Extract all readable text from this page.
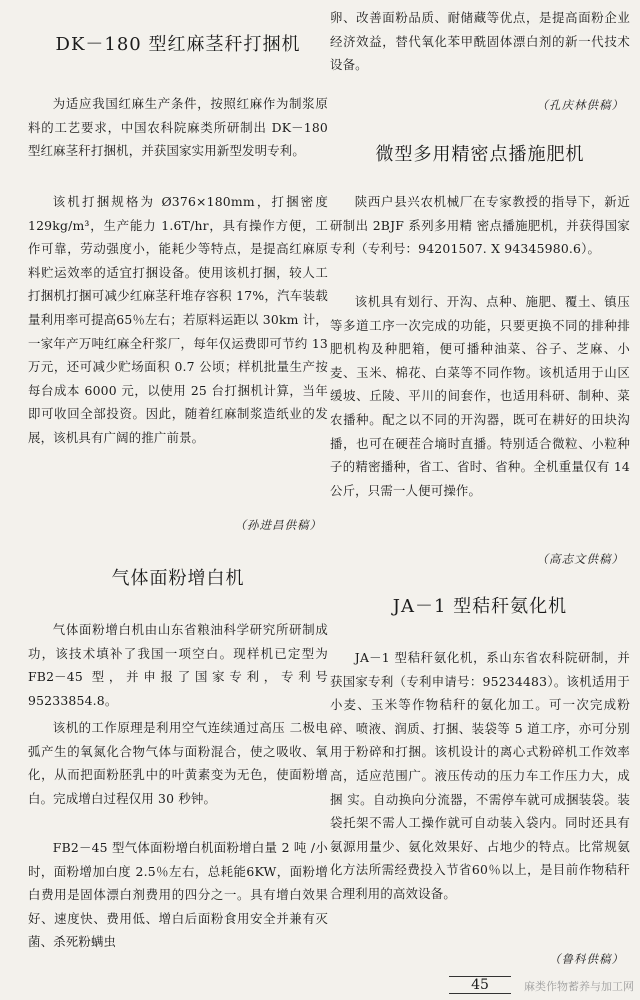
DK－180 型红麻茎秆打捆机

为适应我国红麻生产条件，按照红麻作为制浆原料的工艺要求，中国农科院麻类所研制出 DK－180 型红麻茎秆打捆机，并获国家实用新型发明专利。

该机打捆规格为 Ø376×180mm，打捆密度 129kg/m³，生产能力 1.6T/hr，具有操作方便，工作可靠，劳动强度小，能耗少等特点，是提高红麻原料贮运效率的适宜打捆设备。使用该机打捆，较人工打捆机打捆可减少红麻茎秆堆存容积 17%，汽车装载量利用率可提高65％左右；若原料运距以 30km 计，一家年产万吨红麻全秆浆厂，每年仅运费即可节约 13 万元，还可减少贮场面积 0.7 公顷；样机批量生产按每台成本 6000 元，以使用 25 台打捆机计算，当年即可收回全部投资。因此，随着红麻制浆造纸业的发展，该机具有广阔的推广前景。

（孙进昌供稿）
气体面粉增白机

气体面粉增白机由山东省粮油科学研究所研制成功，该技术填补了我国一项空白。现样机已定型为 FB2－45 型，并申报了国家专利，专利号 95233854.8。

该机的工作原理是利用空气连续通过高压 二极电弧产生的氧氮化合物气体与面粉混合，使之吸收、氧化，从而把面粉胚乳中的叶黄素变为无色，使面粉增白。完成增白过程仅用 30 秒钟。

FB2－45 型气体面粉增白机面粉增白量 2 吨 /小时，面粉增加白度 2.5％左右，总耗能6KW，面粉增白费用是固体漂白剂费用的四分之一。具有增白效果好、速度快、费用低、增白后面粉食用安全并兼有灭菌、杀死粉螨虫

卵、改善面粉品质、耐储藏等优点，是提高面粉企业经济效益，替代氧化苯甲酰固体漂白剂的新一代技术设备。

（孔庆林供稿）
微型多用精密点播施肥机

陕西户县兴农机械厂在专家教授的指导下，新近研制出 2BJF 系列多用精 密点播施肥机，并获得国家专利（专利号：94201507. X 94345980.6）。

该机具有划行、开沟、点种、施肥、覆土、镇压等多道工序一次完成的功能，只要更换不同的排种排肥机构及种肥箱，便可播种油菜、谷子、芝麻、小麦、玉米、棉花、白菜等不同作物。该机适用于山区缓坡、丘陵、平川的间套作，也适用科研、制种、菜农播种。配之以不同的开沟器，既可在耕好的田块沟播，也可在硬茬合墒时直播。特别适合微粒、小粒种子的精密播种，省工、省时、省种。全机重量仅有 14 公斤，只需一人便可操作。

（高志文供稿）
JA－1 型秸秆氨化机

JA－1 型秸秆氨化机，系山东省农科院研制，并获国家专利（专利申请号：95234483）。该机适用于小麦、玉米等作物秸秆的氨化加工。可一次完成粉碎、喷液、润质、打捆、装袋等 5 道工序，亦可分别用于粉碎和打捆。该机设计的离心式粉碎机工作效率高，适应范围广。液压传动的压力车工作压力大，成捆 实。自动换向分流器，不需停车就可成捆装袋。装袋托架不需人工操作就可自动装入袋内。同时还具有氨源用量少、氨化效果好、占地少的特点。比常规氨化方法所需经费投入节省60％以上，是目前作物秸秆合理利用的高效设备。

（鲁科供稿）
45	麻类作物蓄养与加工网
